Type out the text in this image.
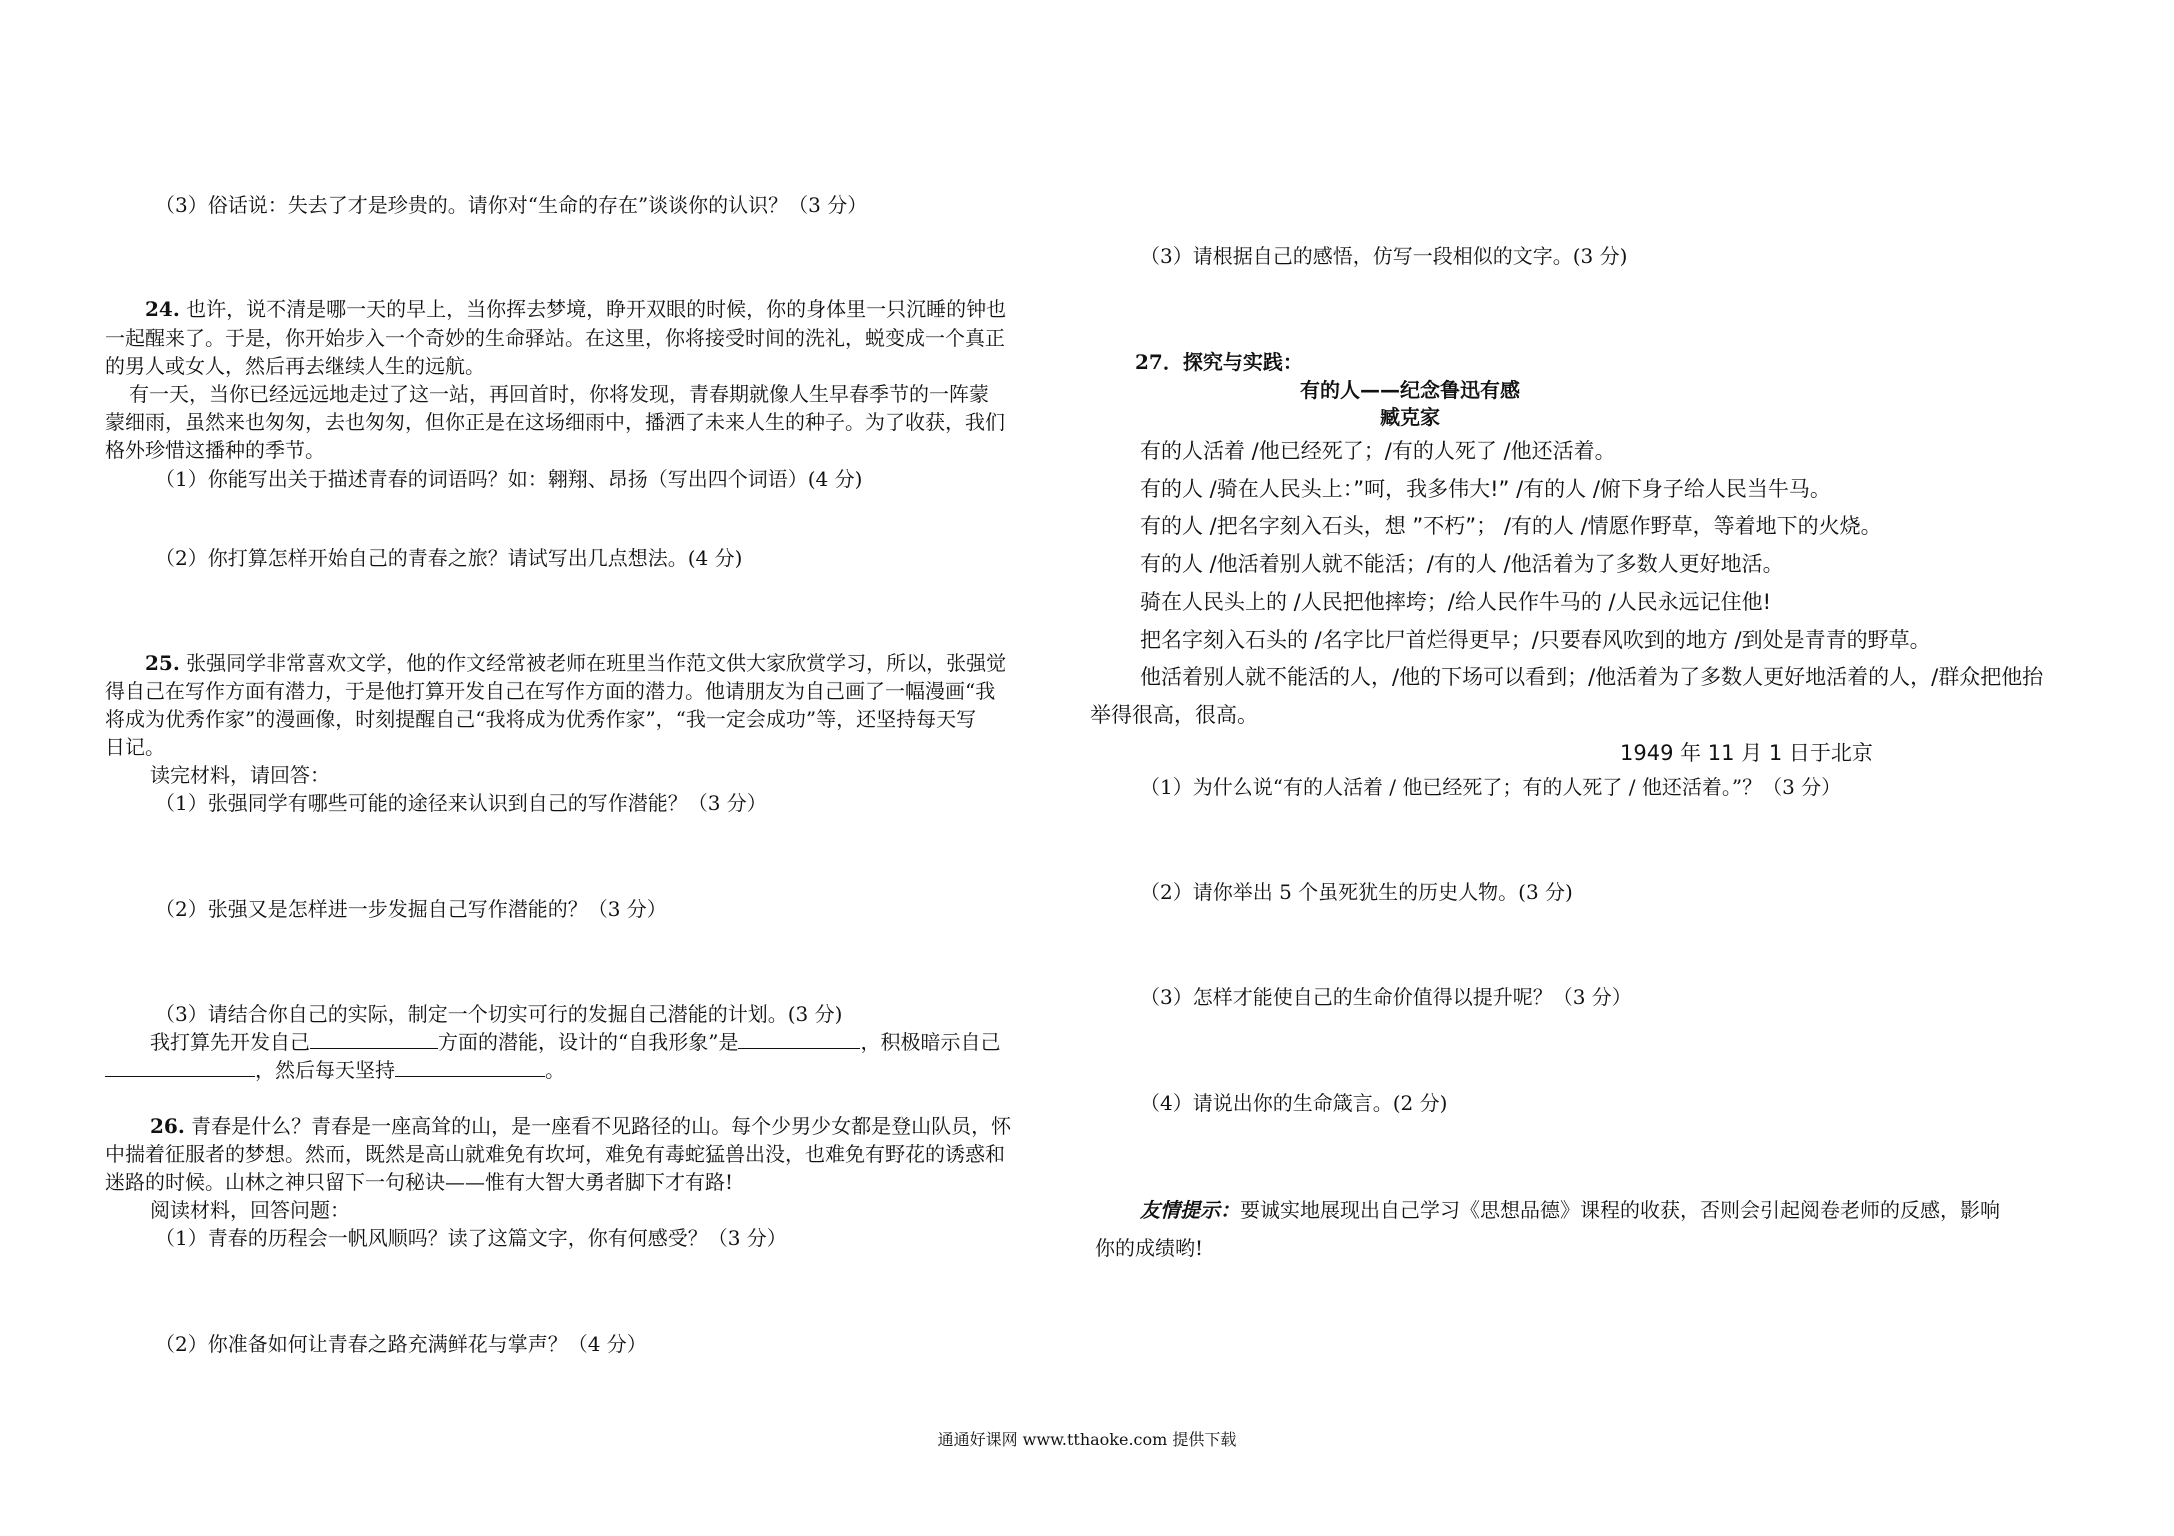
（3）俗话说：失去了才是珍贵的。请你对“生命的存在”谈谈你的认识？（3 分）
24. 也许，说不清是哪一天的早上，当你挥去梦境，睁开双眼的时候，你的身体里一只沉睡的钟也
一起醒来了。于是，你开始步入一个奇妙的生命驿站。在这里，你将接受时间的洗礼，蜕变成一个真正
的男人或女人，然后再去继续人生的远航。
有一天，当你已经远远地走过了这一站，再回首时，你将发现，青春期就像人生早春季节的一阵蒙
蒙细雨，虽然来也匆匆，去也匆匆，但你正是在这场细雨中，播洒了未来人生的种子。为了收获，我们
格外珍惜这播种的季节。
（1）你能写出关于描述青春的词语吗？如：翱翔、昂扬（写出四个词语）(4 分)
（2）你打算怎样开始自己的青春之旅？请试写出几点想法。(4 分)
25. 张强同学非常喜欢文学，他的作文经常被老师在班里当作范文供大家欣赏学习，所以，张强觉
得自己在写作方面有潜力，于是他打算开发自己在写作方面的潜力。他请朋友为自己画了一幅漫画“我
将成为优秀作家”的漫画像，时刻提醒自己“我将成为优秀作家”，“我一定会成功”等，还坚持每天写
日记。
读完材料，请回答：
（1）张强同学有哪些可能的途径来认识到自己的写作潜能？（3 分）
（2）张强又是怎样进一步发掘自己写作潜能的？（3 分）
（3）请结合你自己的实际，制定一个切实可行的发掘自己潜能的计划。(3 分)
我打算先开发自己	方面的潜能，设计的“自我形象”是	，积极暗示自己
，然后每天坚持	。
26. 青春是什么？青春是一座高耸的山，是一座看不见路径的山。每个少男少女都是登山队员，怀
中揣着征服者的梦想。然而，既然是高山就难免有坎坷，难免有毒蛇猛兽出没，也难免有野花的诱惑和
迷路的时候。山林之神只留下一句秘诀——惟有大智大勇者脚下才有路!
阅读材料，回答问题：
（1）青春的历程会一帆风顺吗？读了这篇文字，你有何感受？（3 分）
（2）你准备如何让青春之路充满鲜花与掌声？（4 分）
（3）请根据自己的感悟，仿写一段相似的文字。(3 分)
27．探究与实践：
有的人——纪念鲁迅有感
臧克家
有的人活着 /他已经死了；/有的人死了 /他还活着。
有的人 /骑在人民头上：”呵，我多伟大!” /有的人 /俯下身子给人民当牛马。
有的人 /把名字刻入石头，想 ”不朽”； /有的人 /情愿作野草，等着地下的火烧。
有的人 /他活着别人就不能活；/有的人 /他活着为了多数人更好地活。
骑在人民头上的 /人民把他摔垮；/给人民作牛马的 /人民永远记住他!
把名字刻入石头的 /名字比尸首烂得更早；/只要春风吹到的地方 /到处是青青的野草。
他活着别人就不能活的人，/他的下场可以看到；/他活着为了多数人更好地活着的人，/群众把他抬
举得很高，很高。
1949 年 11 月 1 日于北京
（1）为什么说“有的人活着 / 他已经死了；有的人死了 / 他还活着。”？（3 分）
（2）请你举出 5 个虽死犹生的历史人物。(3 分)
（3）怎样才能使自己的生命价值得以提升呢？（3 分）
（4）请说出你的生命箴言。(2 分)
友情提示：要诚实地展现出自己学习《思想品德》课程的收获，否则会引起阅卷老师的反感，影响
你的成绩哟!
通通好课网 www.tthaoke.com 提供下载
